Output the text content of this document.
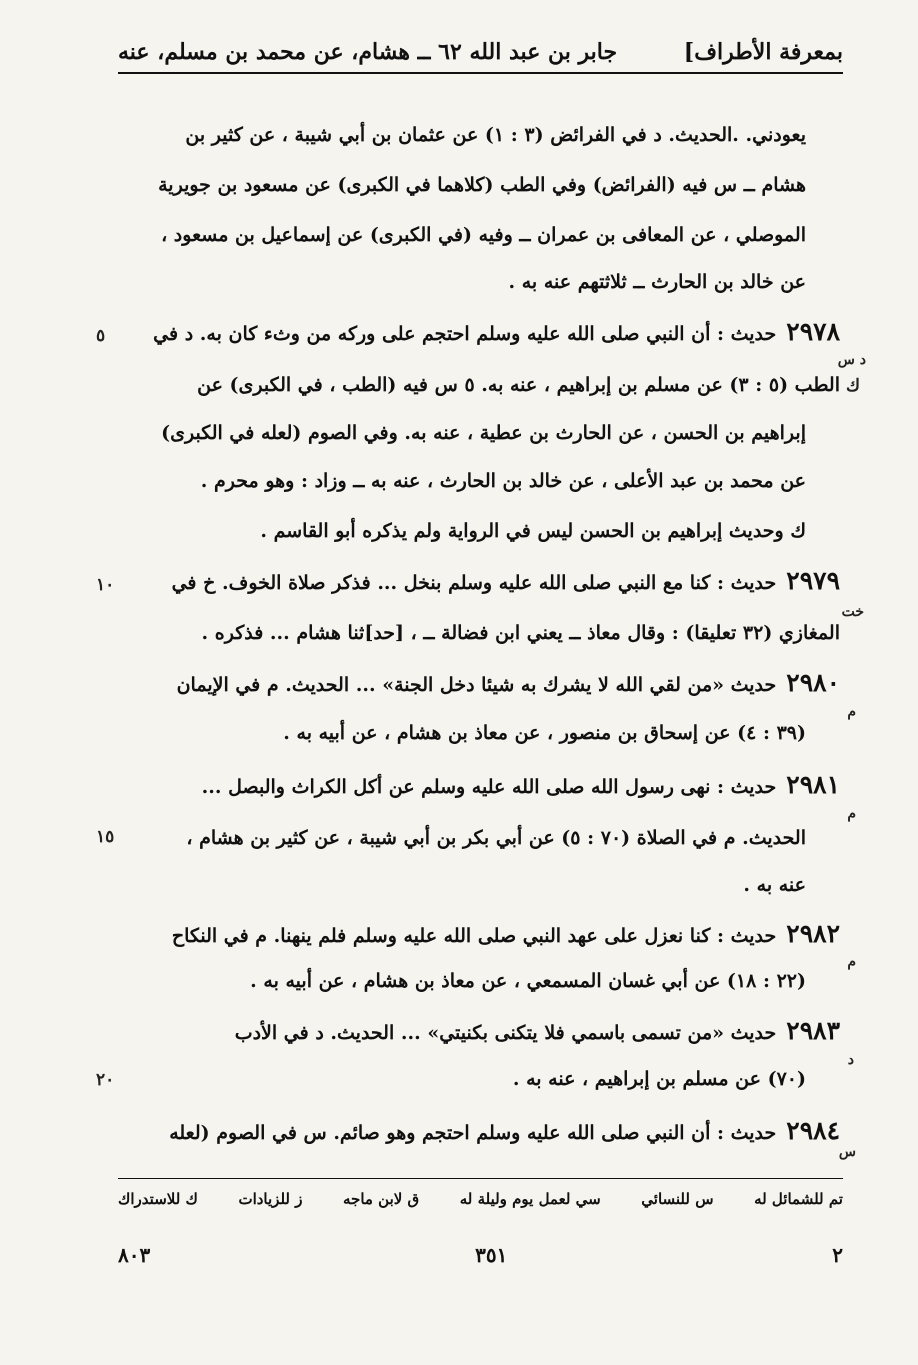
بمعرفة الأطراف]
جابر بن عبد الله ٦٢ ــ هشام، عن محمد بن مسلم، عنه
يعودني. .الحديث. د في الفرائض (٣ : ١) عن عثمان بن أبي شيبة ، عن كثير بن
هشام ــ س فيه (الفرائض) وفي الطب (كلاهما في الكبرى) عن مسعود بن جويرية
الموصلي ، عن المعافى بن عمران ــ وفيه (في الكبرى) عن إسماعيل بن مسعود ،
عن خالد بن الحارث ــ ثلاثتهم عنه به .
٢٩٧٨حديث : أن النبي صلى الله عليه وسلم احتجم على وركه من وثء كان به. د في
الطب (٥ : ٣) عن مسلم بن إبراهيم ، عنه به. ٥ س فيه (الطب ، في الكبرى) عن
إبراهيم بن الحسن ، عن الحارث بن عطية ، عنه به. وفي الصوم (لعله في الكبرى)
عن محمد بن عبد الأعلى ، عن خالد بن الحارث ، عنه به ــ وزاد : وهو محرم .
ك وحديث إبراهيم بن الحسن ليس في الرواية ولم يذكره أبو القاسم .
٢٩٧٩حديث : كنا مع النبي صلى الله عليه وسلم بنخل ... فذكر صلاة الخوف. خ في
المغازي (٣٢ تعليقا) : وقال معاذ ــ يعني ابن فضالة ــ ، [حد]ثنا هشام ... فذكره .
٢٩٨٠حديث «من لقي الله لا يشرك به شيئا دخل الجنة» ... الحديث. م في الإيمان
(٣٩ : ٤) عن إسحاق بن منصور ، عن معاذ بن هشام ، عن أبيه به .
٢٩٨١حديث : نهى رسول الله صلى الله عليه وسلم عن أكل الكراث والبصل ...
الحديث. م في الصلاة (٧٠ : ٥) عن أبي بكر بن أبي شيبة ، عن كثير بن هشام ،
عنه به .
٢٩٨٢حديث : كنا نعزل على عهد النبي صلى الله عليه وسلم فلم ينهنا. م في النكاح
(٢٢ : ١٨) عن أبي غسان المسمعي ، عن معاذ بن هشام ، عن أبيه به .
٢٩٨٣حديث «من تسمى باسمي فلا يتكنى بكنيتي» ... الحديث. د في الأدب
(٧٠) عن مسلم بن إبراهيم ، عنه به .
٢٩٨٤حديث : أن النبي صلى الله عليه وسلم احتجم وهو صائم. س في الصوم (لعله
د س
ك
خت
م
م
م
د
س
٥
١٠
١٥
٢٠
تم للشمائل له
س للنسائي
سي لعمل يوم وليلة له
ق لابن ماجه
ز للزيادات
ك للاستدراك
٢
٣٥١
٨٠٣
